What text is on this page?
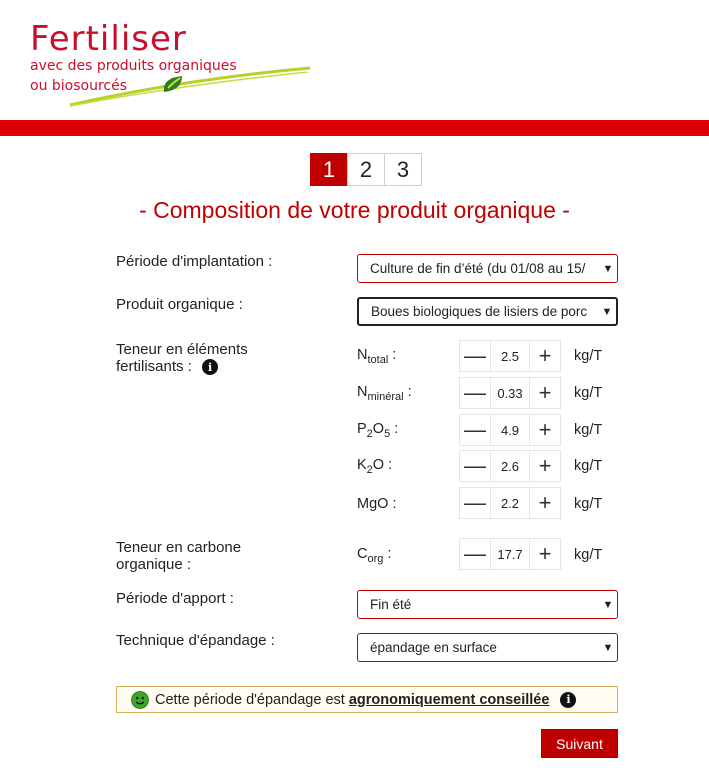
Fertiliser
avec des produits organiques
ou biosourcés
1	2	3
- Composition de votre produit organique -
Période d'implantation :	Culture de fin d’été (du 01/08 au 15/	▼
Produit organique :	Boues biologiques de lisiers de porc	▼
Teneur en éléments
fertilisants : i
$N_{total}$ :	—	2.5 +	kg/T
$N_{minéral}$ : — 0.33 +	kg/T
$P_2O_5$ :	—	4.9 +	kg/T
$K_2O$ :	—	2.6 +	kg/T
MgO :	—	2.2 +	kg/T
Teneur en carbone
organique :
$C_{org}$ :	— 17.7 +	kg/T
Période d'apport :	Fin été	▼
Technique d'épandage :	épandage en surface	▼
Cette période d'épandage est agronomiquement conseillée	i
Suivant
